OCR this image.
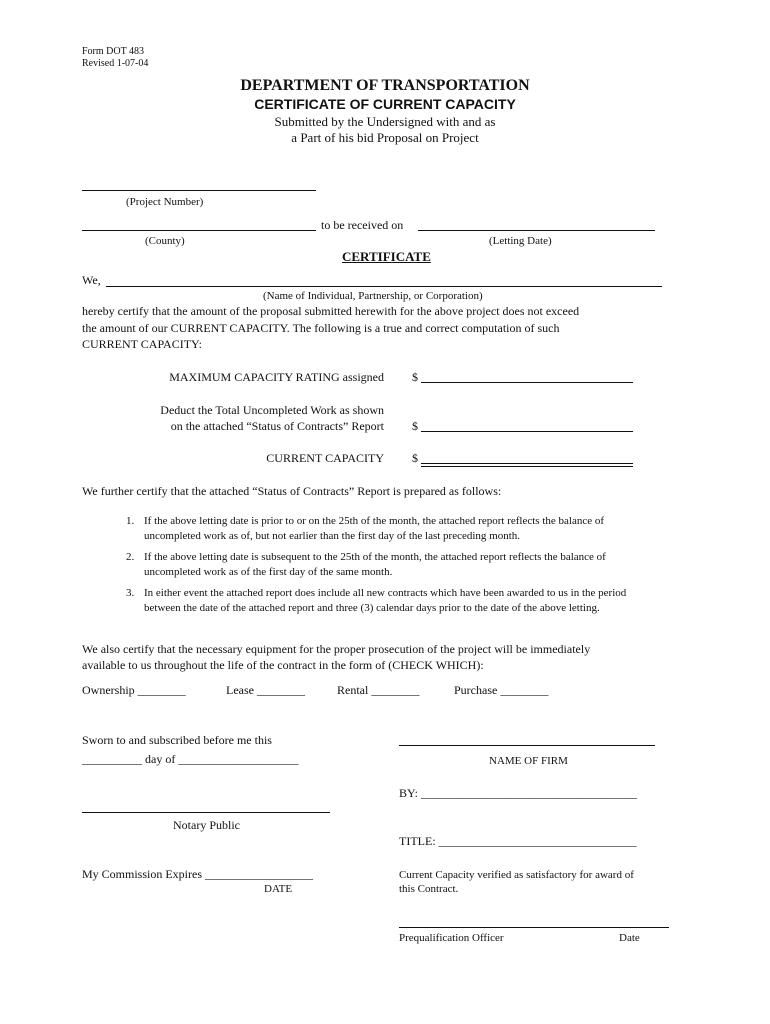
Form DOT 483
Revised 1-07-04
DEPARTMENT OF TRANSPORTATION
CERTIFICATE OF CURRENT CAPACITY
Submitted by the Undersigned with and as
a Part of his bid Proposal on Project
(Project Number)
to be received on
(County)	(Letting Date)
CERTIFICATE
We,
(Name of Individual, Partnership, or Corporation)
hereby certify that the amount of the proposal submitted herewith for the above project does not exceed
the amount of our CURRENT CAPACITY. The following is a true and correct computation of such
CURRENT CAPACITY:
MAXIMUM CAPACITY RATING assigned $
Deduct the Total Uncompleted Work as shown
on the attached “Status of Contracts” Report $
CURRENT CAPACITY $
We further certify that the attached “Status of Contracts” Report is prepared as follows:
1. If the above letting date is prior to or on the 25th of the month, the attached report reflects the balance of
uncompleted work as of, but not earlier than the first day of the last preceding month.
2. If the above letting date is subsequent to the 25th of the month, the attached report reflects the balance of
uncompleted work as of the first day of the same month.
3. In either event the attached report does include all new contracts which have been awarded to us in the period
between the date of the attached report and three (3) calendar days prior to the date of the above letting.
We also certify that the necessary equipment for the proper prosecution of the project will be immediately
available to us throughout the life of the contract in the form of (CHECK WHICH):
Ownership ________	Lease ________	Rental ________	Purchase ________
Sworn to and subscribed before me this
__________ day of ____________________
Notary Public
My Commission Expires __________________
DATE
NAME OF FIRM
BY: ____________________________________
TITLE: _________________________________
Current Capacity verified as satisfactory for award of
this Contract.
Prequalification Officer	Date
